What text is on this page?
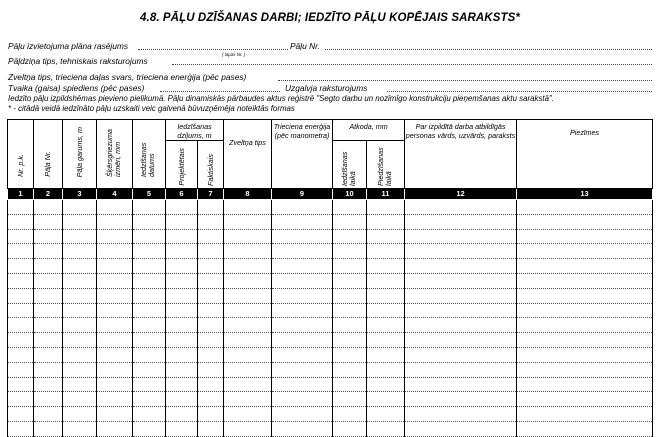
4.8. PĀĻU DZĪŠANAS DARBI; IEDZĪTO PĀĻU KOPĒJAIS SARAKSTS*
Pāļu izvietojuma plāna rasējums
( lapas Nr. )
Pāļu Nr.
Pāļdziņa tips, tehniskais raksturojums
Zveltņa tips, trieciena daļas svars, trieciena enerģija (pēc pases)
Tvaika (gaisa) spiediens (pēc pases)	Uzgalvja raksturojums
Iedzīto pāļu izpildshēmas pievieno pielikumā. Pāļu dinamiskās pārbaudes aktus reģistrē "Segto darbu un nozīmīgo konstrukciju pieņemšanas aktu sarakstā".
* - citādā veidā iedzīnāto pāļu uzskaiti veic galvenā būvuzņēmēja noteiktās formas
Nr. p.k.	Pāļa Nr.	Pāļa garums, m	Šķērsgriezuma izmēri, mm	Iedzīšanas datums	Iedzīšanas dziļums, m		Zveltņa tips	Trieciena enerģija (pēc manometra)	Atkoda, mm		Par izpildītā darba atbildīgās personas vārds, uzvārds, paraksts	Piezīmes

					Projektētais	Faktiskais			Iedzīšanas laikā	Piedzīšanas laikā		

1	2	3	4	5	6	7	8	9	10	11	12	13
